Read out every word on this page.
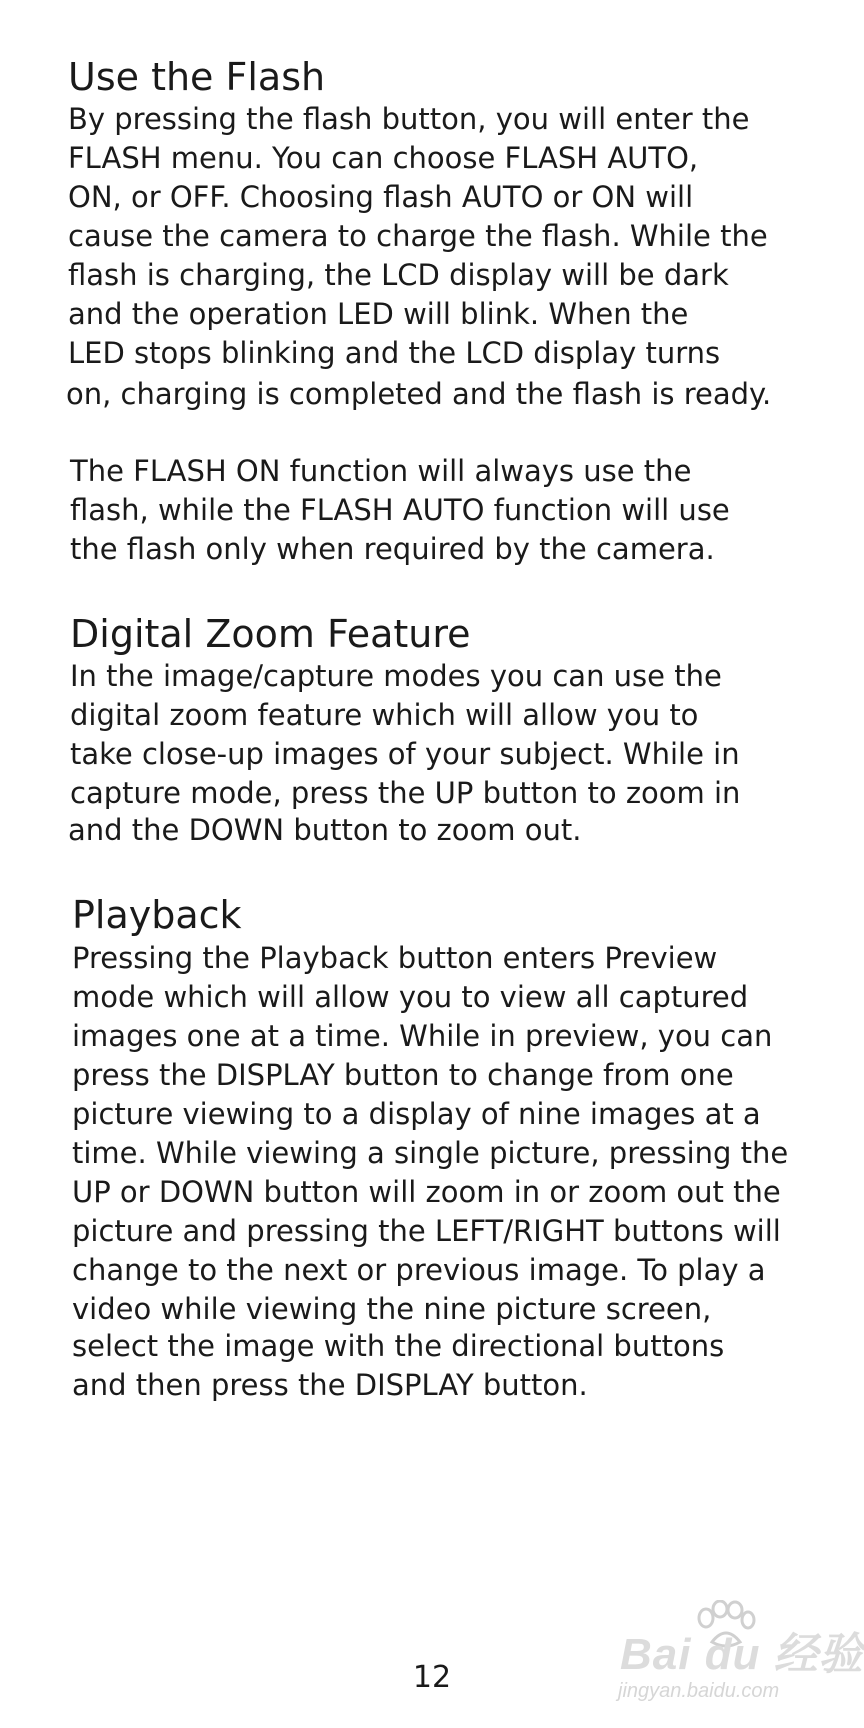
Use the Flash

By pressing the flash button, you will enter the

FLASH menu. You can choose FLASH AUTO,

ON, or OFF. Choosing flash AUTO or ON will

cause the camera to charge the flash. While the

flash is charging, the LCD display will be dark

and the operation LED will blink. When the

LED stops blinking and the LCD display turns

on, charging is completed and the flash is ready.

The FLASH ON function will always use the

flash, while the FLASH AUTO function will use

the flash only when required by the camera.

Digital Zoom Feature

In the image/capture modes you can use the

digital zoom feature which will allow you to

take close-up images of your subject. While in

capture mode, press the UP button to zoom in

and the DOWN button to zoom out.

Playback

Pressing the Playback button enters Preview

mode which will allow you to view all captured

images one at a time. While in preview, you can

press the DISPLAY button to change from one

picture viewing to a display of nine images at a

time. While viewing a single picture, pressing the

UP or DOWN button will zoom in or zoom out the

picture and pressing the LEFT/RIGHT buttons will

change to the next or previous image. To play a

video while viewing the nine picture screen,

select the image with the directional buttons

and then press the DISPLAY button.

12	Bai du 经验
jingyan.baidu.com
